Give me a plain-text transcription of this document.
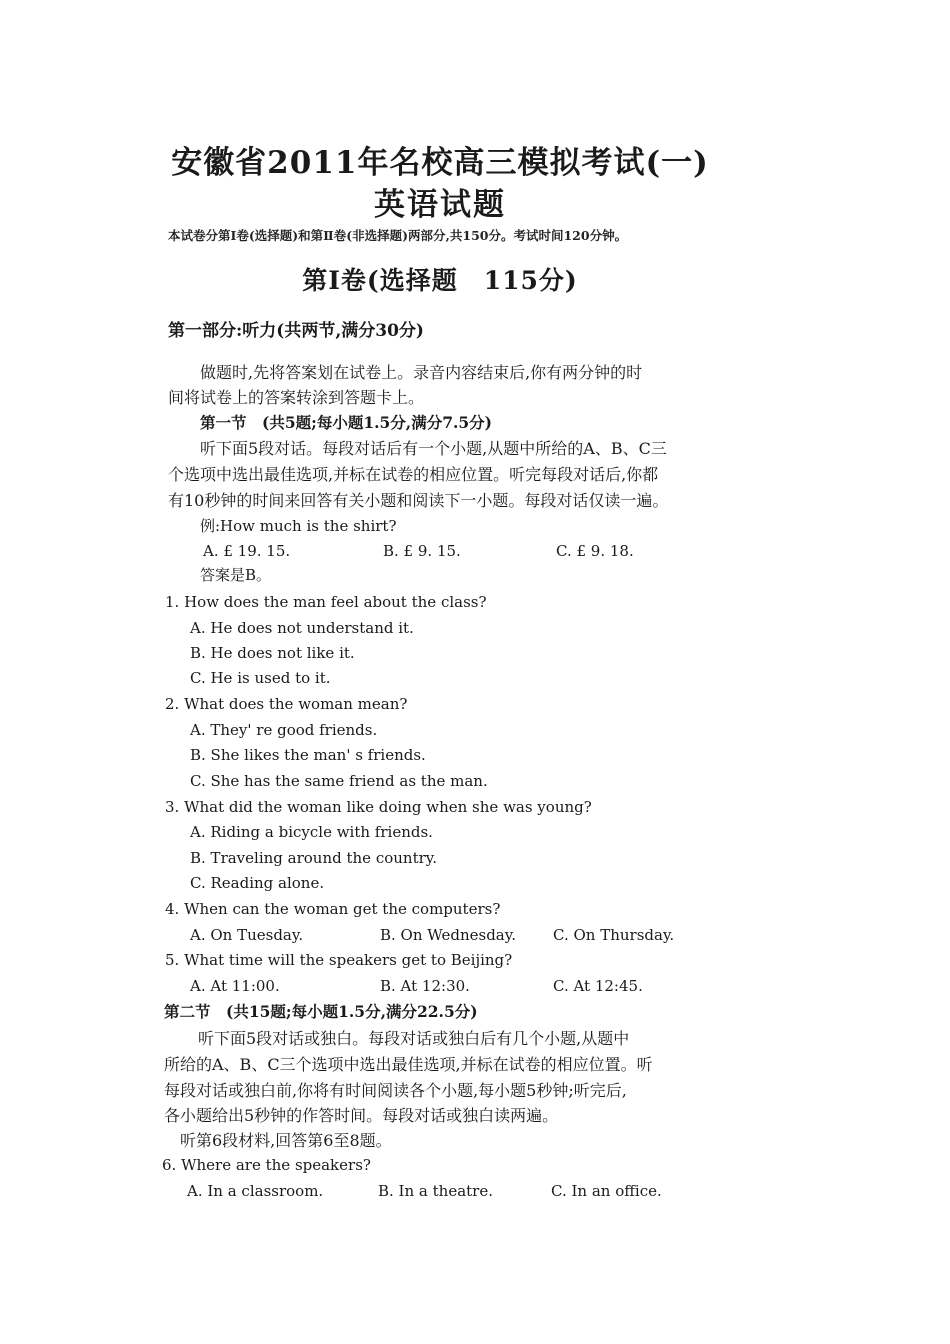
安徽省2011年名校高三模拟考试(一)
英语试题
本试卷分第Ⅰ卷(选择题)和第Ⅱ卷(非选择题)两部分,共150分。考试时间120分钟。
第Ⅰ卷(选择题　115分)
第一部分:听力(共两节,满分30分)
做题时,先将答案划在试卷上。录音内容结束后,你有两分钟的时
间将试卷上的答案转涂到答题卡上。
第一节　(共5题;每小题1.5分,满分7.5分)
听下面5段对话。每段对话后有一个小题,从题中所给的A、B、C三
个选项中选出最佳选项,并标在试卷的相应位置。听完每段对话后,你都
有10秒钟的时间来回答有关小题和阅读下一小题。每段对话仅读一遍。
例:How much is the shirt?
A. £ 19. 15.	B. £ 9. 15.	C. £ 9. 18.
答案是B。
1. How does the man feel about the class?
A. He does not understand it.
B. He does not like it.
C. He is used to it.
2. What does the woman mean?
A. They' re good friends.
B. She likes the man' s friends.
C. She has the same friend as the man.
3. What did the woman like doing when she was young?
A. Riding a bicycle with friends.
B. Traveling around the country.
C. Reading alone.
4. When can the woman get the computers?
A. On Tuesday.	B. On Wednesday. C. On Thursday.
5. What time will the speakers get to Beijing?
A. At 11:00.	B. At 12:30.	C. At 12:45.
第二节　(共15题;每小题1.5分,满分22.5分)
听下面5段对话或独白。每段对话或独白后有几个小题,从题中
所给的A、B、C三个选项中选出最佳选项,并标在试卷的相应位置。听
每段对话或独白前,你将有时间阅读各个小题,每小题5秒钟;听完后,
各小题给出5秒钟的作答时间。每段对话或独白读两遍。
听第6段材料,回答第6至8题。
6. Where are the speakers?
A. In a classroom.	B. In a theatre.	C. In an office.
